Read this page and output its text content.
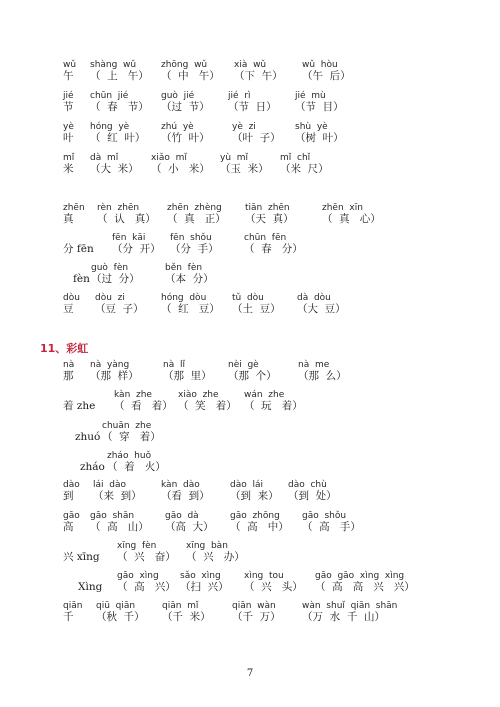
11、彩虹
wǔ
午
shàng  wǔ
（  上   午）
zhōng  wǔ
（  中   午）
xià  wǔ
（下  午）
wǔ  hòu
（午  后）
jié
节
chūn  jié
（  春   节）
guò  jié
（过  节）
jié  rì
（节  日）
jié  mù
（节  目）
yè
叶
hóng  yè
（  红  叶）
zhú  yè
（竹  叶）
yè  zi
（叶  子）
shù  yè
（树  叶）
mǐ
米
dà  mǐ
（大  米）
xiǎo  mǐ
（  小   米）
yù  mǐ
（玉  米）
mǐ  chǐ
（米  尺）
zhēn
真
rèn  zhēn
（  认   真）
zhēn  zhèng
（  真   正）
tiān  zhēn
（天  真）
zhēn  xīn
（  真   心）
分 fēn
fēn  kāi
（分  开）
fēn  shǒu
（分  手）
chūn  fēn
（  春   分）
fèn
guò  fèn
（过  分）
běn  fèn
（本  分）
dòu
豆
dòu  zi
（豆  子）
hóng  dòu
（  红   豆）
tǔ  dòu
（土  豆）
dà  dòu
（大  豆）
nà
那
nà  yàng
（那  样）
nà  lǐ
（那  里）
nèi  gè
（那  个）
nà  me
（那  么）
着 zhe
kàn  zhe
（  看   着）
xiào  zhe
（  笑   着）
wán  zhe
（  玩   着）
zhuó
chuān  zhe
（  穿   着）
zháo
zháo  huǒ
（  着   火）
dào
到
lái  dào
（来  到）
kàn  dào
（看  到）
dào  lái
（到  来）
dào  chù
（到  处）
gāo
高
gāo  shān
（  高   山）
gāo  dà
（高  大）
gāo  zhōng
（  高   中）
gāo  shǒu
（  高   手）
兴 xīng
xīng  fèn
（  兴   奋）
xīng  bàn
（  兴   办）
Xìng
gāo  xìng
（  高   兴）
sǎo  xìng
（扫  兴）
xìng  tou
（  兴   头）
gāo  gāo  xìng  xìng
（  高   高   兴   兴）
qiān
千
qiū  qiān
（秋  千）
qiān  mǐ
（千  米）
qiān  wàn
（千  万）
wàn  shuǐ  qiān  shān
（万  水  千  山）
7
